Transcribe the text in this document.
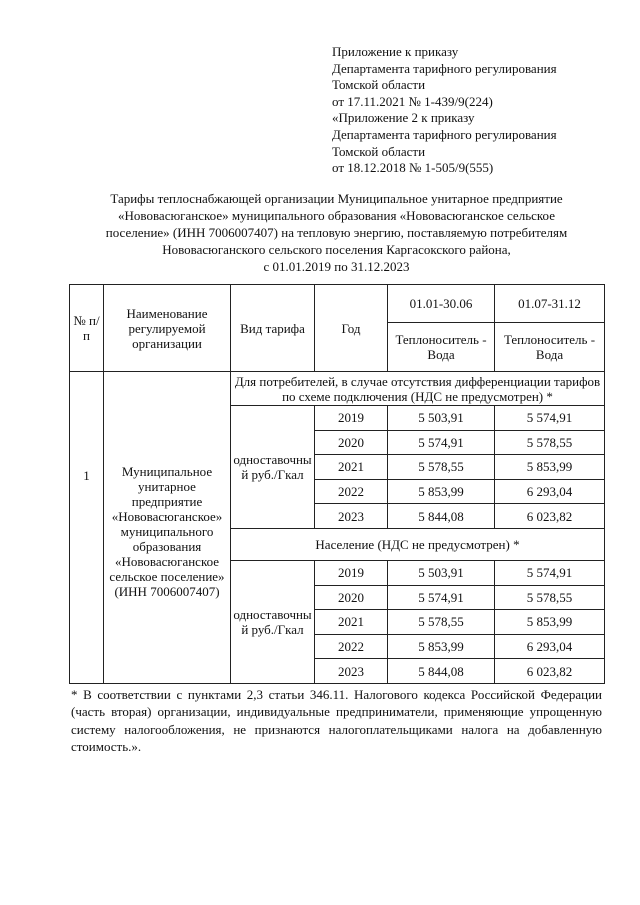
Приложение к приказу
Департамента тарифного регулирования
Томской области
от 17.11.2021 № 1-439/9(224)
«Приложение 2 к приказу
Департамента тарифного регулирования
Томской области
от 18.12.2018 № 1-505/9(555)
Тарифы теплоснабжающей организации Муниципальное унитарное предприятие
«Нововасюганское» муниципального образования «Нововасюганское сельское
поселение» (ИНН 7006007407) на тепловую энергию, поставляемую потребителям
Нововасюганского сельского поселения Каргасокского района,
с 01.01.2019 по 31.12.2023
№ п/п	Наименование регулируемой организации	Вид тарифа	Год	01.01-30.06	01.07-31.12
				Теплоноситель - Вода	Теплоноситель - Вода
1	Муниципальное унитарное предприятие «Нововасюганское» муниципального образования «Нововасюганское сельское поселение» (ИНН 7006007407)	Для потребителей, в случае отсутствия дифференциации тарифов по схеме подключения (НДС не предусмотрен) *			
		одноставочный руб./Гкал	2019	5 503,91	5 574,91
			2020	5 574,91	5 578,55
			2021	5 578,55	5 853,99
			2022	5 853,99	6 293,04
			2023	5 844,08	6 023,82
		Население (НДС не предусмотрен) *			
		одноставочный руб./Гкал	2019	5 503,91	5 574,91
			2020	5 574,91	5 578,55
			2021	5 578,55	5 853,99
			2022	5 853,99	6 293,04
			2023	5 844,08	6 023,82
* В соответствии с пунктами 2,3 статьи 346.11. Налогового кодекса Российской Федерации (часть вторая) организации, индивидуальные предприниматели, применяющие упрощенную систему налогообложения, не признаются налогоплательщиками налога на добавленную стоимость.».
